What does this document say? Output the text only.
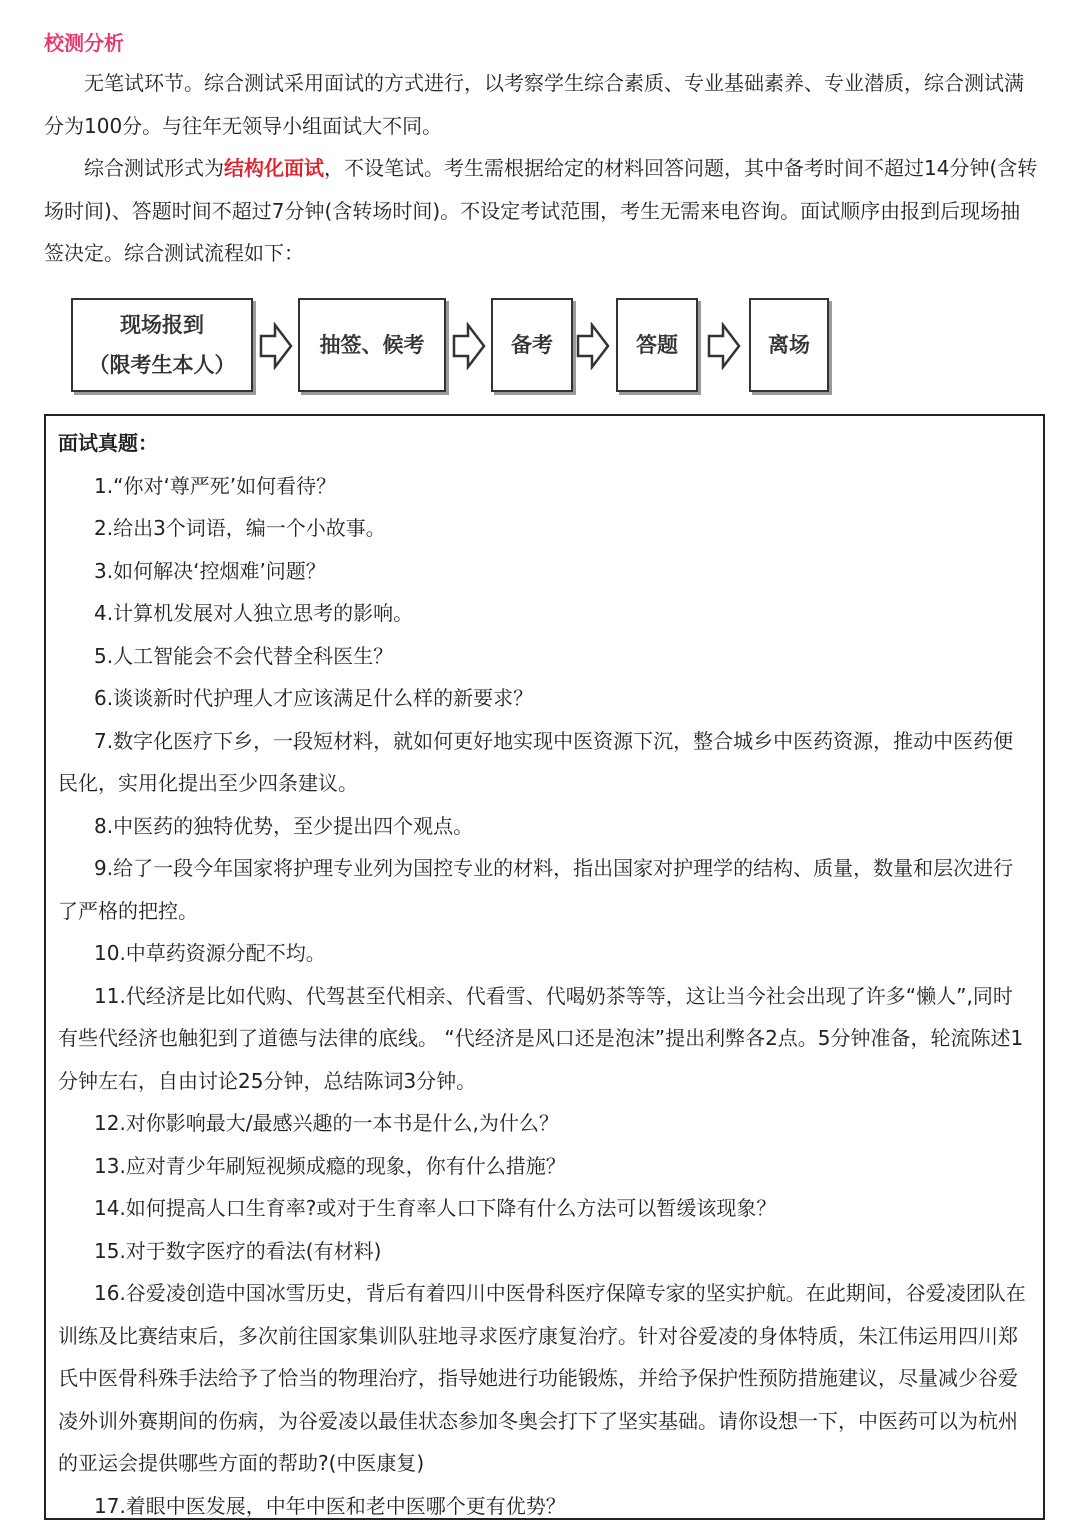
校测分析

无笔试环节。综合测试采用面试的方式进行，以考察学生综合素质、专业基础素养、专业潜质，综合测试满分为100分。与往年无领导小组面试大不同。

综合测试形式为结构化面试，不设笔试。考生需根据给定的材料回答问题，其中备考时间不超过14分钟(含转场时间)、答题时间不超过7分钟(含转场时间)。不设定考试范围，考生无需来电咨询。面试顺序由报到后现场抽签决定。综合测试流程如下：

现场报到
（限考生本人）
抽签、候考	备考	答题	离场

面试真题：

1.“你对‘尊严死’如何看待？

2.给出3个词语，编一个小故事。

3.如何解决‘控烟难’问题？

4.计算机发展对人独立思考的影响。

5.人工智能会不会代替全科医生？

6.谈谈新时代护理人才应该满足什么样的新要求？

7.数字化医疗下乡，一段短材料，就如何更好地实现中医资源下沉，整合城乡中医药资源，推动中医药便民化，实用化提出至少四条建议。

8.中医药的独特优势，至少提出四个观点。

9.给了一段今年国家将护理专业列为国控专业的材料，指出国家对护理学的结构、质量，数量和层次进行了严格的把控。

10.中草药资源分配不均。

11.代经济是比如代购、代驾甚至代相亲、代看雪、代喝奶茶等等，这让当今社会出现了许多“懒人”,同时有些代经济也触犯到了道德与法律的底线。 “代经济是风口还是泡沫”提出利弊各2点。5分钟准备，轮流陈述1分钟左右，自由讨论25分钟，总结陈词3分钟。

12.对你影响最大/最感兴趣的一本书是什么,为什么？

13.应对青少年刷短视频成瘾的现象，你有什么措施？

14.如何提高人口生育率?或对于生育率人口下降有什么方法可以暂缓该现象？

15.对于数字医疗的看法(有材料)

16.谷爱凌创造中国冰雪历史，背后有着四川中医骨科医疗保障专家的坚实护航。在此期间，谷爱凌团队在训练及比赛结束后，多次前往国家集训队驻地寻求医疗康复治疗。针对谷爱凌的身体特质，朱江伟运用四川郑氏中医骨科殊手法给予了恰当的物理治疗，指导她进行功能锻炼，并给予保护性预防措施建议，尽量减少谷爱凌外训外赛期间的伤病，为谷爱凌以最佳状态参加冬奥会打下了坚实基础。请你设想一下，中医药可以为杭州的亚运会提供哪些方面的帮助?(中医康复)

17.着眼中医发展，中年中医和老中医哪个更有优势？
